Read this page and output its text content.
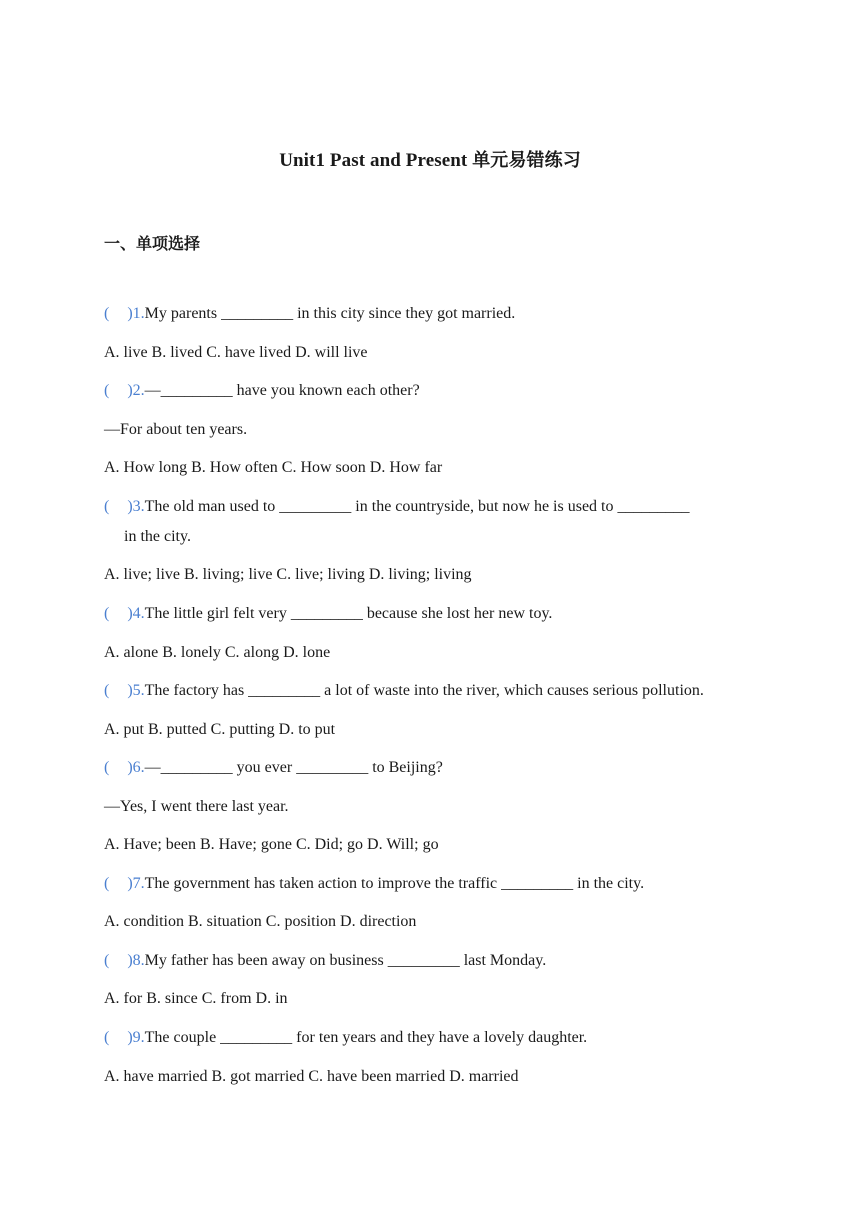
Unit1 Past and Present 单元易错练习
一、单项选择
( )1.My parents _________ in this city since they got married.
A. live B. lived C. have lived D. will live
( )2.—_________ have you known each other?
—For about ten years.
A. How long B. How often C. How soon D. How far
( )3.The old man used to _________ in the countryside, but now he is used to _________
in the city.
A. live; live B. living; live C. live; living D. living; living
( )4.The little girl felt very _________ because she lost her new toy.
A. alone B. lonely C. along D. lone
( )5.The factory has _________ a lot of waste into the river, which causes serious pollution.
A. put B. putted C. putting D. to put
( )6.—_________ you ever _________ to Beijing?
—Yes, I went there last year.
A. Have; been B. Have; gone C. Did; go D. Will; go
( )7.The government has taken action to improve the traffic _________ in the city.
A. condition B. situation C. position D. direction
( )8.My father has been away on business _________ last Monday.
A. for B. since C. from D. in
( )9.The couple _________ for ten years and they have a lovely daughter.
A. have married B. got married C. have been married D. married
